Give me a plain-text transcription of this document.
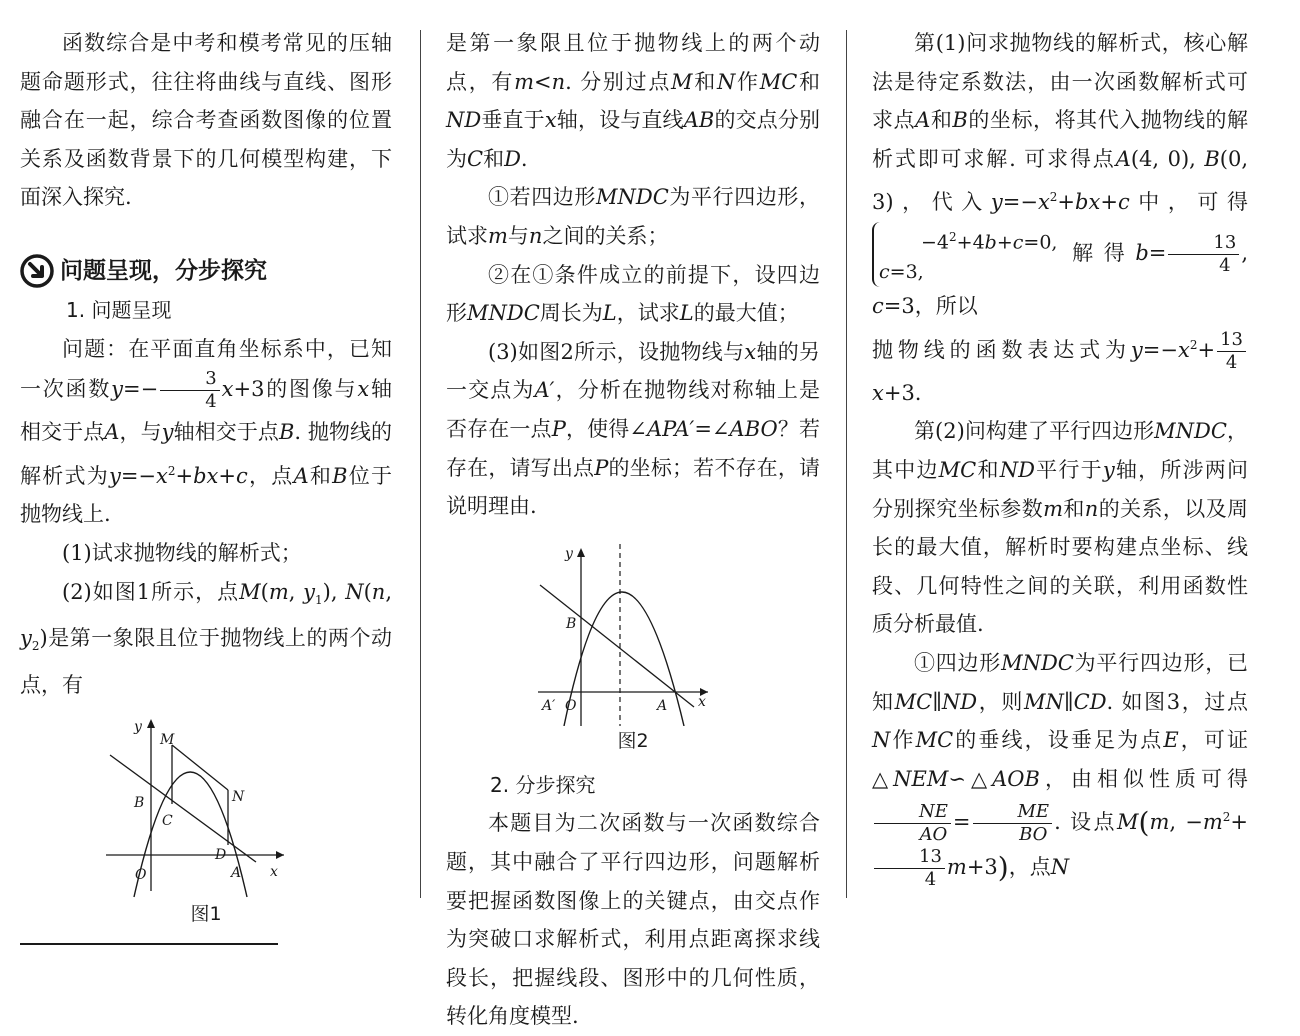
函数综合是中考和模考常见的压轴题命题形式，往往将曲线与直线、图形融合在一起，综合考查函数图像的位置关系及函数背景下的几何模型构建，下面深入探究.

问题呈现，分步探究
1. 问题呈现

问题：在平面直角坐标系中，已知一次函数$y=- \frac{3}{4} x+3$的图像与x轴相交于点A，与y轴相交于点B. 抛物线的解析式为$y=-x^2+bx+c$，点A和B位于抛物线上.

(1)试求抛物线的解析式；

(2)如图1所示，点M(m, $y_1$), N(n, $y_2$)是第一象限且位于抛物线上的两个动点，有

y
x
O	A
B
M
N
C
D
图1

是第一象限且位于抛物线上的两个动点，有m<n. 分别过点M和N作MC和ND垂直于x轴，设与直线AB的交点分别为C和D.

①若四边形MNDC为平行四边形，试求m与n之间的关系；

②在①条件成立的前提下，设四边形MNDC周长为L，试求L的最大值；

(3)如图2所示，设抛物线与x轴的另一交点为A′，分析在抛物线对称轴上是否存在一点P，使得∠APA′=∠ABO？若存在，请写出点P的坐标；若不存在，请说明理由.

y
x
B
A′ O	A
图2
2. 分步探究

本题目为二次函数与一次函数综合题，其中融合了平行四边形，问题解析要把握函数图像上的关键点，由交点作为突破口求解析式，利用点距离探求线段长，把握线段、图形中的几何性质，转化角度模型.

第(1)问求抛物线的解析式，核心解法是待定系数法，由一次函数解析式可求点A和B的坐标，将其代入抛物线的解析式即可求解. 可求得点A(4, 0), B(0, 3)，代入$y=-x^2+bx+c$中，可得$-4^2+4b+c=0$,
c=3,解得$b= \frac{13}{4}$ , c=3，所以

抛物线的函数表达式为$y=-x^2+ \frac{13}{4}$
x+3.

第(2)问构建了平行四边形MNDC，其中边MC和ND平行于y轴，所涉两问分别探究坐标参数m和n的关系，以及周长的最大值，解析时要构建点坐标、线段、几何特性之间的关联，利用函数性质分析最值.

①四边形MNDC为平行四边形，已知MC∥ND，则MN∥CD. 如图3，过点N作MC的垂线，设垂足为点E，可证△NEM∽△AOB，由相似性质可得
$\frac{NE}{AO} = \frac{ME}{BO}$ . 设点M(m, $-m^2+$
$\frac{13}{4} m+3$)，点N
